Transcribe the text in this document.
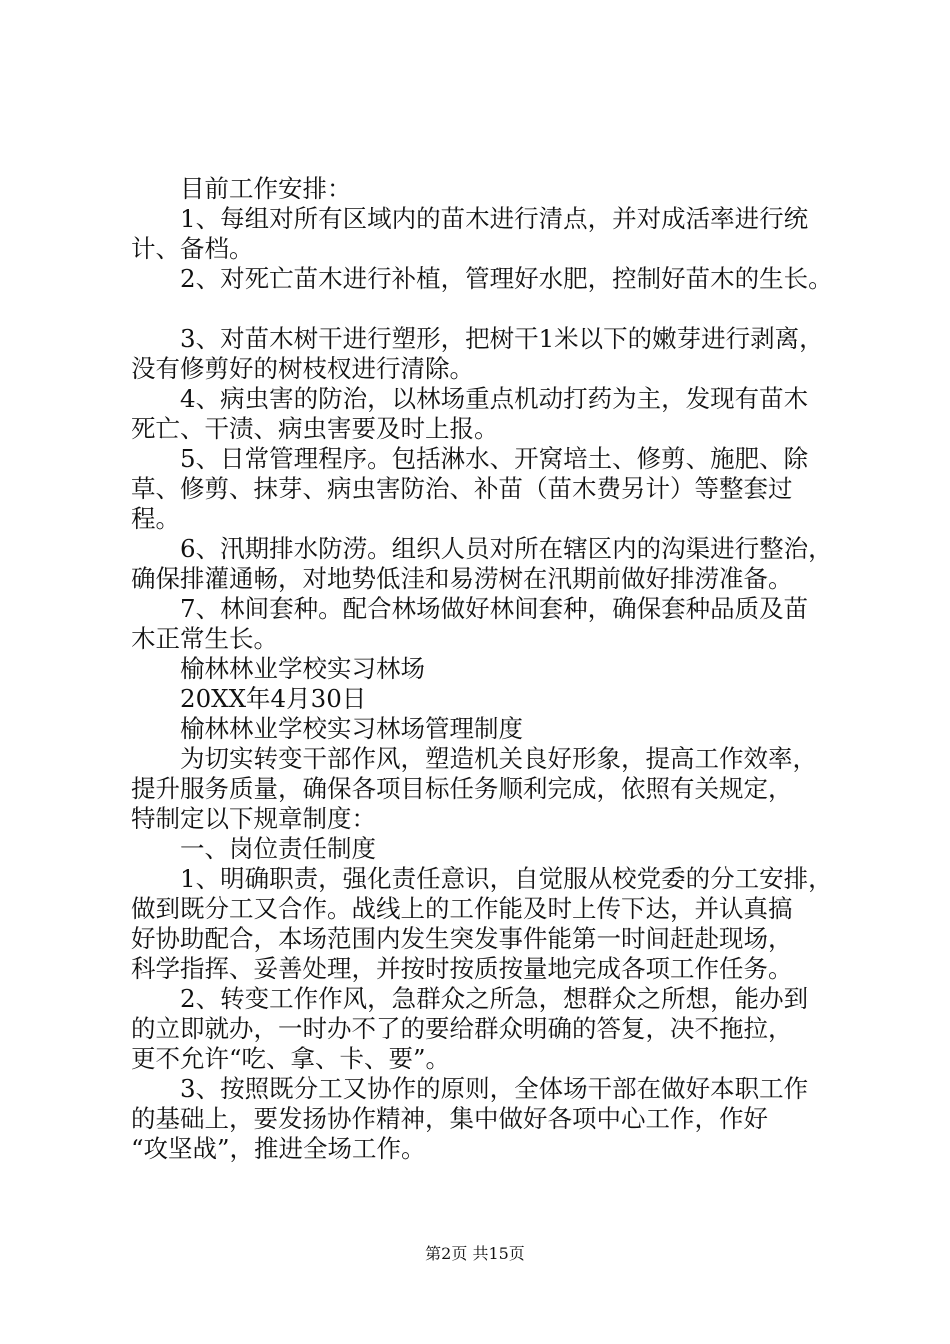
目前工作安排：
1、每组对所有区域内的苗木进行清点，并对成活率进行统
计、备档。
2、对死亡苗木进行补植，管理好水肥，控制好苗木的生长。
3、对苗木树干进行塑形，把树干1米以下的嫩芽进行剥离，
没有修剪好的树枝杈进行清除。
4、病虫害的防治，以林场重点机动打药为主，发现有苗木
死亡、干渍、病虫害要及时上报。
5、日常管理程序。包括淋水、开窝培土、修剪、施肥、除
草、修剪、抹芽、病虫害防治、补苗（苗木费另计）等整套过
程。
6、汛期排水防涝。组织人员对所在辖区内的沟渠进行整治，
确保排灌通畅，对地势低洼和易涝树在汛期前做好排涝准备。
7、林间套种。配合林场做好林间套种，确保套种品质及苗
木正常生长。
榆林林业学校实习林场
20XX年4月30日
榆林林业学校实习林场管理制度
为切实转变干部作风，塑造机关良好形象，提高工作效率，
提升服务质量，确保各项目标任务顺利完成，依照有关规定，
特制定以下规章制度：
一、岗位责任制度
1、明确职责，强化责任意识，自觉服从校党委的分工安排，
做到既分工又合作。战线上的工作能及时上传下达，并认真搞
好协助配合，本场范围内发生突发事件能第一时间赶赴现场，
科学指挥、妥善处理，并按时按质按量地完成各项工作任务。
2、转变工作作风，急群众之所急，想群众之所想，能办到
的立即就办，一时办不了的要给群众明确的答复，决不拖拉，
更不允许“吃、拿、卡、要”。
3、按照既分工又协作的原则，全体场干部在做好本职工作
的基础上，要发扬协作精神，集中做好各项中心工作，作好
“攻坚战”，推进全场工作。
第2页 共15页
